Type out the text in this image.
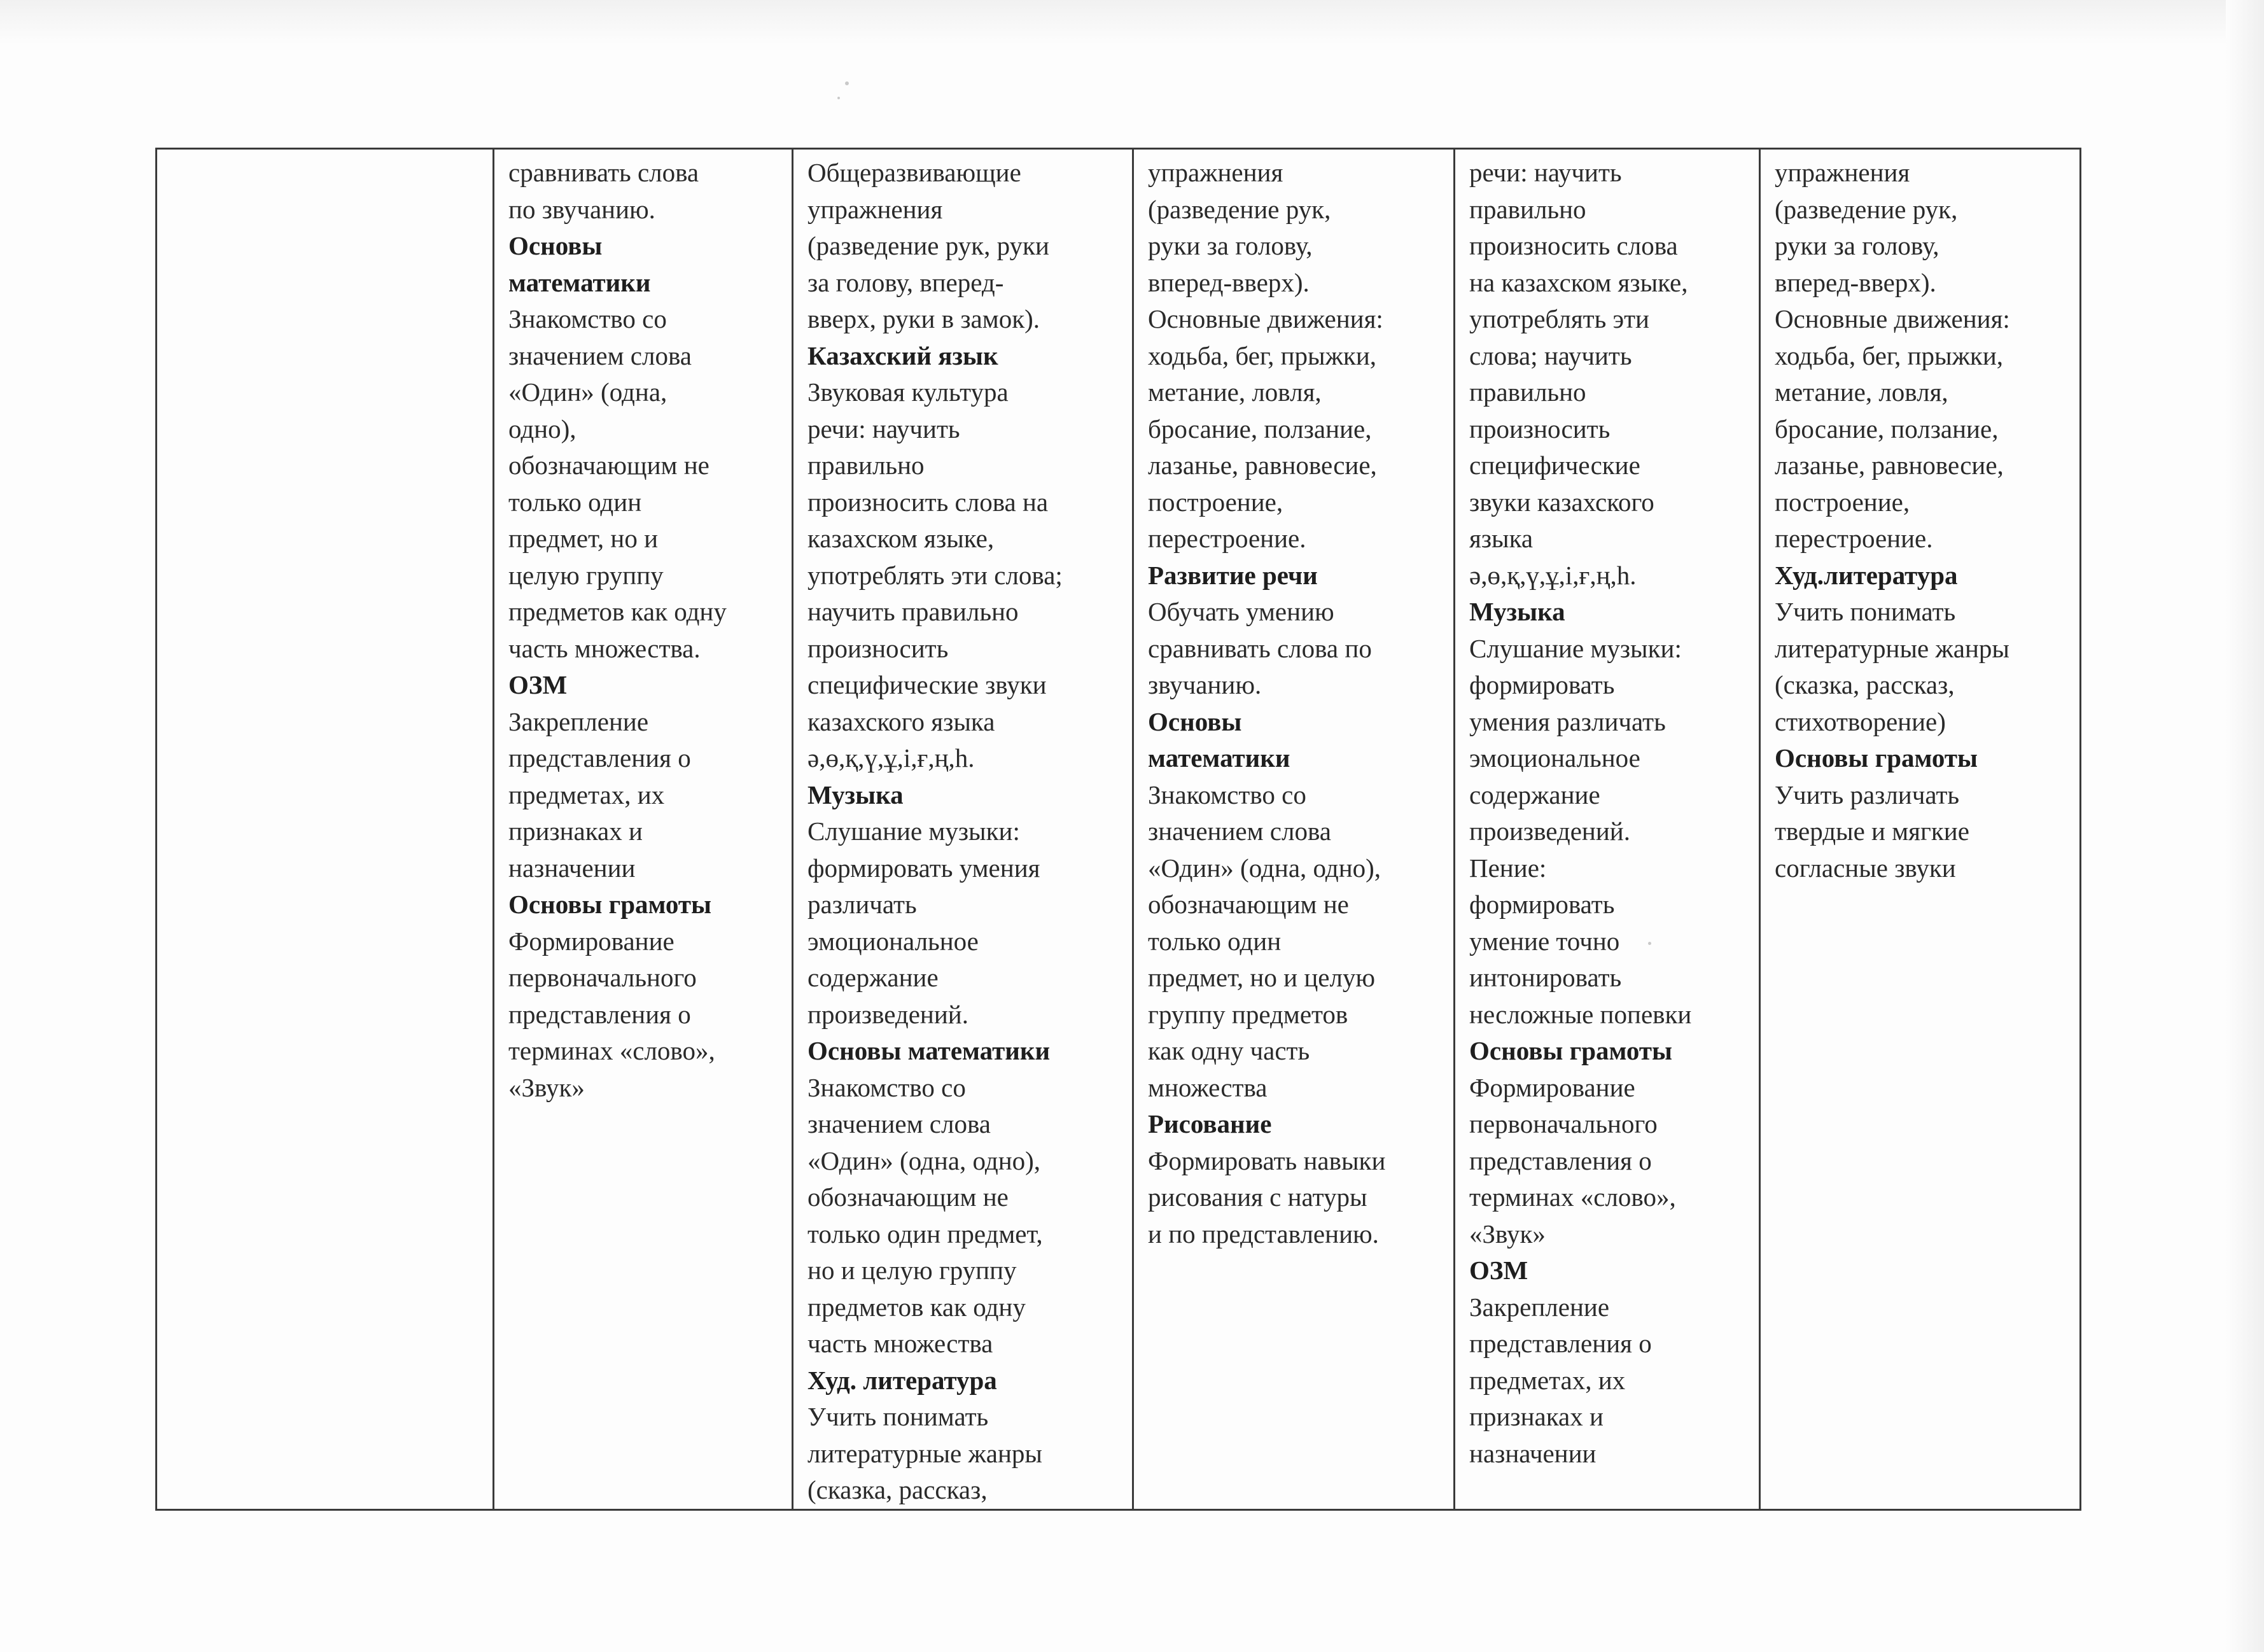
сравнивать слова
по звучанию.
Основы
математики
Знакомство со
значением слова
«Один» (одна,
одно),
обозначающим не
только один
предмет, но и
целую группу
предметов как одну
часть множества.
ОЗМ
Закрепление
представления о
предметах, их
признаках и
назначении
Основы грамоты
Формирование
первоначального
представления о
терминах «слово»,
«Звук»

Общеразвивающие
упражнения
(разведение рук, руки
за голову, вперед-
вверх, руки в замок).
Казахский язык
Звуковая культура
речи: научить
правильно
произносить слова на
казахском языке,
употреблять эти слова;
научить правильно
произносить
специфические звуки
казахского языка
ә,ө,қ,ү,ұ,і,ғ,ң,һ.
Музыка
Слушание музыки:
формировать умения
различать
эмоциональное
содержание
произведений.
Основы математики
Знакомство со
значением слова
«Один» (одна, одно),
обозначающим не
только один предмет,
но и целую группу
предметов как одну
часть множества
Худ. литература
Учить понимать
литературные жанры
(сказка, рассказ,

упражнения
(разведение рук,
руки за голову,
вперед-вверх).
Основные движения:
ходьба, бег, прыжки,
метание, ловля,
бросание, ползание,
лазанье, равновесие,
построение,
перестроение.
Развитие речи
Обучать умению
сравнивать слова по
звучанию.
Основы
математики
Знакомство со
значением слова
«Один» (одна, одно),
обозначающим не
только один
предмет, но и целую
группу предметов
как одну часть
множества
Рисование
Формировать навыки
рисования с натуры
и по представлению.

речи: научить
правильно
произносить слова
на казахском языке,
употреблять эти
слова; научить
правильно
произносить
специфические
звуки казахского
языка
ә,ө,қ,ү,ұ,і,ғ,ң,һ.
Музыка
Слушание музыки:
формировать
умения различать
эмоциональное
содержание
произведений.
Пение:
формировать
умение точно
интонировать
несложные попевки
Основы грамоты
Формирование
первоначального
представления о
терминах «слово»,
«Звук»
ОЗМ
Закрепление
представления о
предметах, их
признаках и
назначении

упражнения
(разведение рук,
руки за голову,
вперед-вверх).
Основные движения:
ходьба, бег, прыжки,
метание, ловля,
бросание, ползание,
лазанье, равновесие,
построение,
перестроение.
Худ.литература
Учить понимать
литературные жанры
(сказка, рассказ,
стихотворение)
Основы грамоты
Учить различать
твердые и мягкие
согласные звуки
